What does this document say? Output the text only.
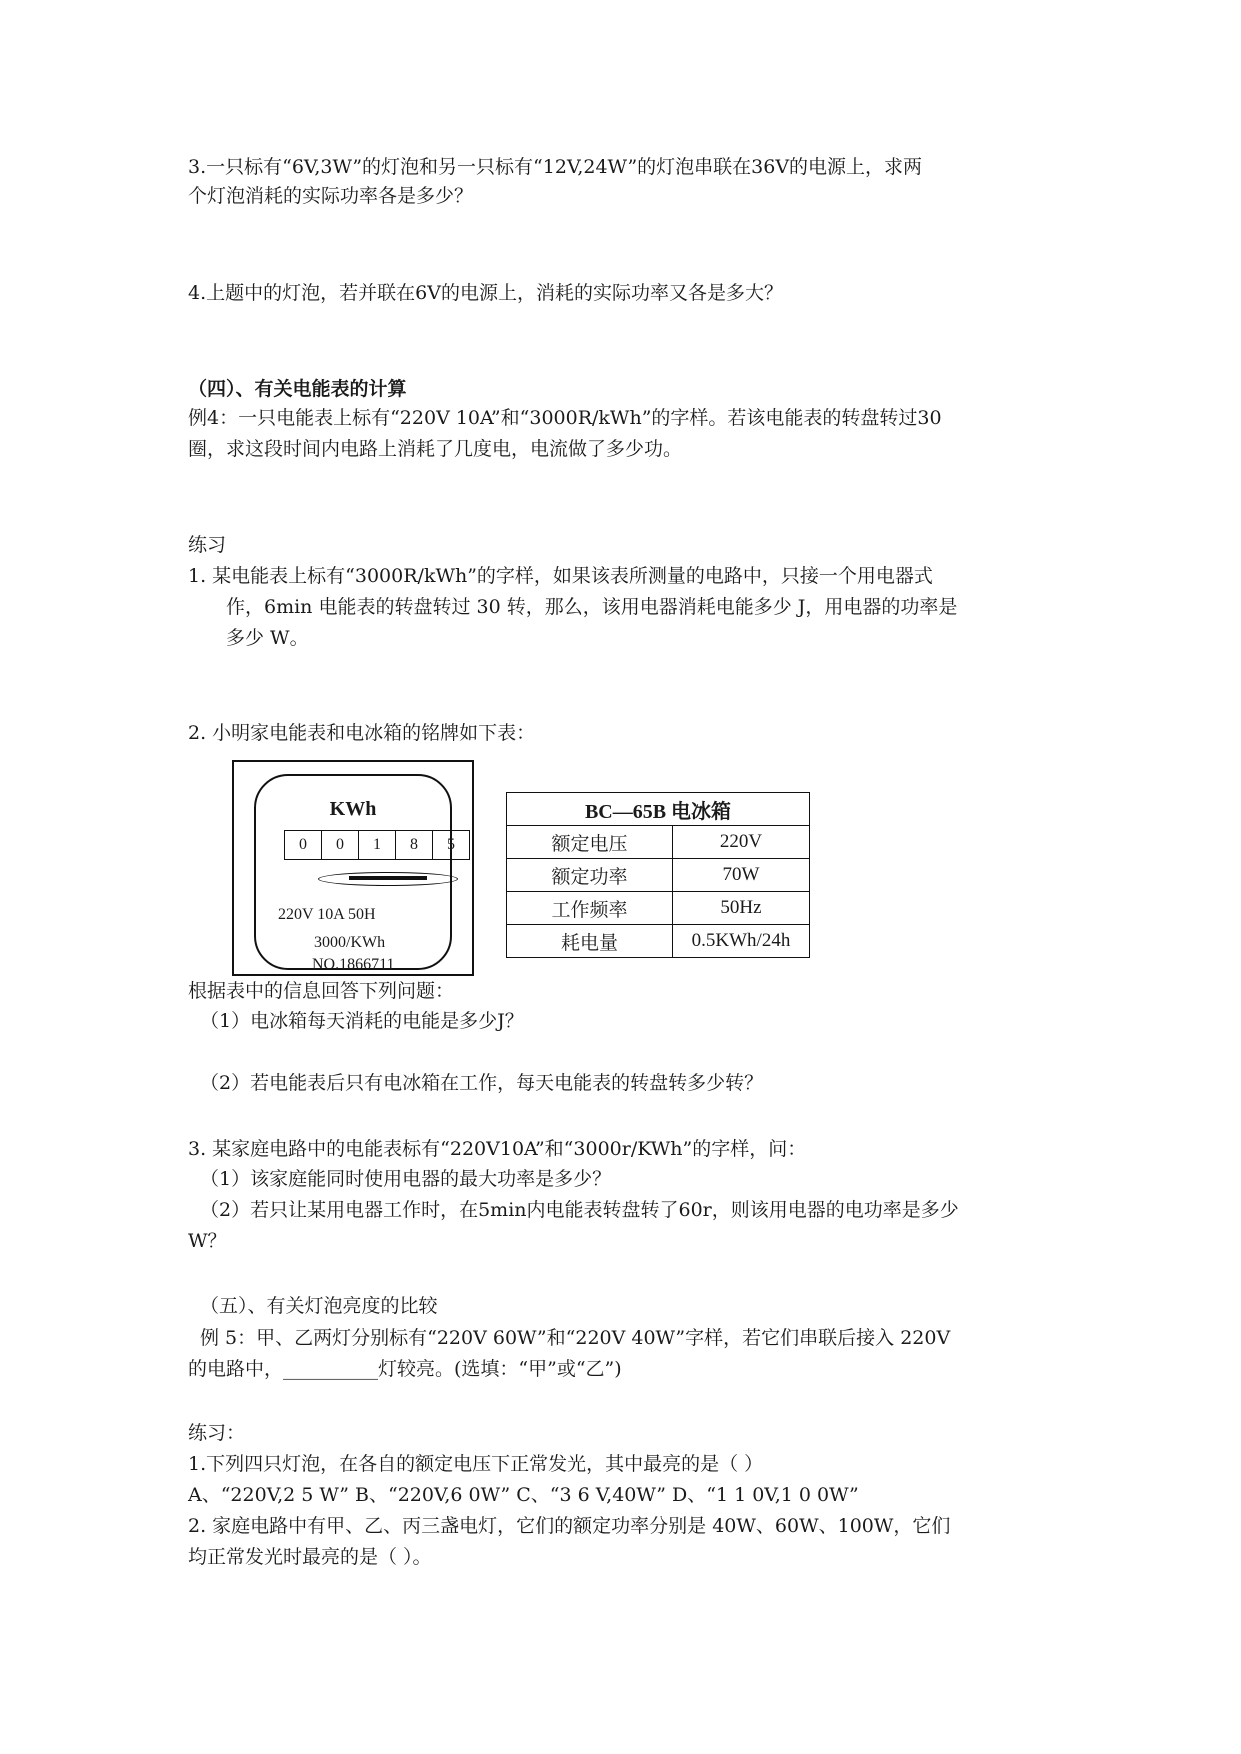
3.一只标有“6V,3W”的灯泡和另一只标有“12V,24W”的灯泡串联在36V的电源上，求两
个灯泡消耗的实际功率各是多少？
4.上题中的灯泡，若并联在6V的电源上，消耗的实际功率又各是多大？
（四）、有关电能表的计算
例4：一只电能表上标有“220V 10A”和“3000R/kWh”的字样。若该电能表的转盘转过30
圈，求这段时间内电路上消耗了几度电，电流做了多少功。
练习
1. 某电能表上标有“3000R/kWh”的字样，如果该表所测量的电路中，只接一个用电器式
作，6min 电能表的转盘转过 30 转，那么，该用电器消耗电能多少 J，用电器的功率是
多少 W。
2. 小明家电能表和电冰箱的铭牌如下表：
KWh
0	0	1	8	5
220V 10A 50H
3000/KWh
NO.1866711
BC—65B 电冰箱	
额定电压	220V
额定功率	70W
工作频率	50Hz
耗电量	0.5KWh/24h
根据表中的信息回答下列问题：
（1）电冰箱每天消耗的电能是多少J？
（2）若电能表后只有电冰箱在工作，每天电能表的转盘转多少转？
3. 某家庭电路中的电能表标有“220V10A”和“3000r/KWh”的字样，问：
（1）该家庭能同时使用电器的最大功率是多少？
（2）若只让某用电器工作时，在5min内电能表转盘转了60r，则该用电器的电功率是多少
W？
（五）、有关灯泡亮度的比较
例 5：甲、乙两灯分别标有“220V 60W”和“220V 40W”字样，若它们串联后接入 220V
的电路中，__________灯较亮。(选填：“甲”或“乙”)
练习：
1.下列四只灯泡，在各自的额定电压下正常发光，其中最亮的是（ ）
A、“220V,2 5 W” B、“220V,6 0W” C、“3 6 V,40W” D、“1 1 0V,1 0 0W”
2. 家庭电路中有甲、乙、丙三盏电灯，它们的额定功率分别是 40W、60W、100W，它们
均正常发光时最亮的是（ ）。
